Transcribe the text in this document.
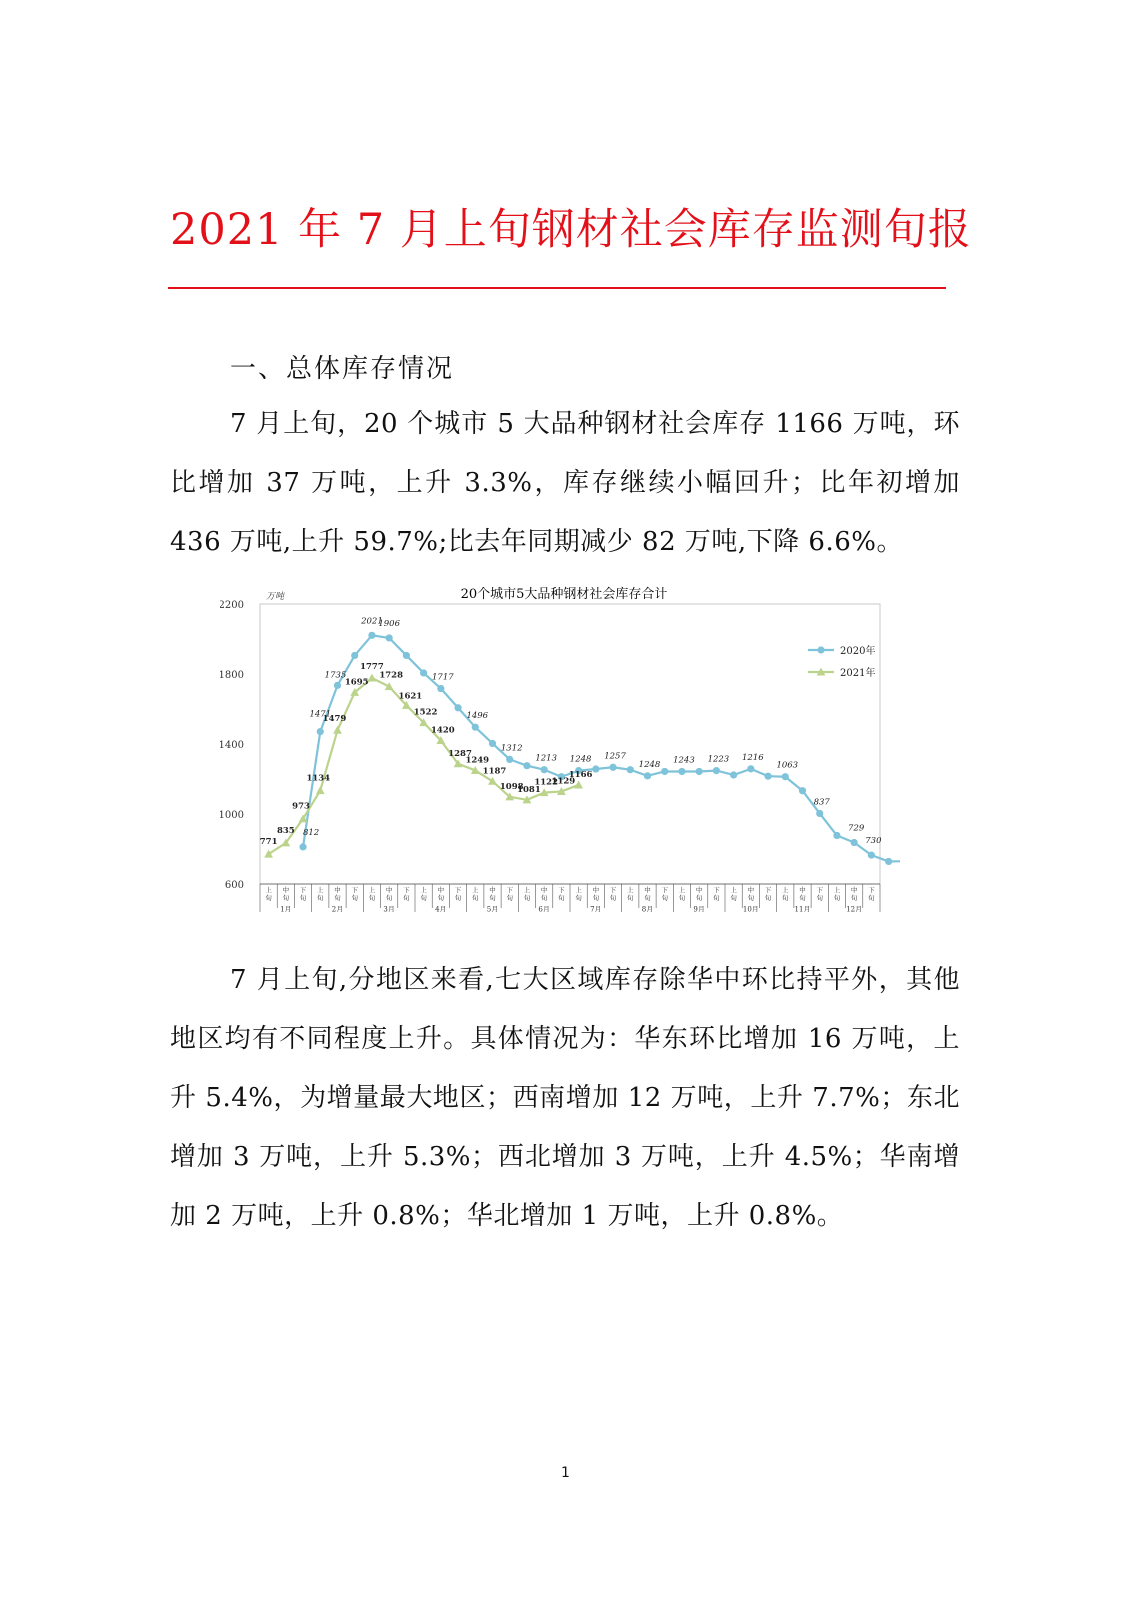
2021 年 7 月上旬钢材社会库存监测旬报
一、总体库存情况
7 月上旬，20 个城市 5 大品种钢材社会库存 1166 万吨，环比增加 37 万吨，上升 3.3%，库存继续小幅回升；比年初增加 436 万吨,上升 59.7%;比去年同期减少 82 万吨,下降 6.6%。
20个城市5大品种钢材社会库存合计
万吨
600
1000
1400
1800
2200
上旬
中旬
下旬
上旬
中旬
下旬
上旬
中旬
下旬
上旬
中旬
下旬
上旬
中旬
下旬
上旬
中旬
下旬
上旬
中旬
下旬
上旬
中旬
下旬
上旬
中旬
下旬
上旬
中旬
下旬
上旬
中旬
下旬
上旬
中旬
下旬
1月	2月	3月	4月	5月	6月	7月	8月	9月	10月	11月	12月
812
1471
1735
2021
1906
1717
1496
1312
1213 1248 1257
1248 1243 1223 1216
1063
837
729
730
771
835
973
1134
1479
1695
1777
1728
1621
1522
1420
1287
1249
1187
1098
1081
1122
1129
1166
2020年
2021年
7 月上旬,分地区来看,七大区域库存除华中环比持平外，其他地区均有不同程度上升。具体情况为：华东环比增加 16 万吨，上升 5.4%，为增量最大地区；西南增加 12 万吨，上升 7.7%；东北增加 3 万吨，上升 5.3%；西北增加 3 万吨，上升 4.5%；华南增加 2 万吨，上升 0.8%；华北增加 1 万吨，上升 0.8%。
1
